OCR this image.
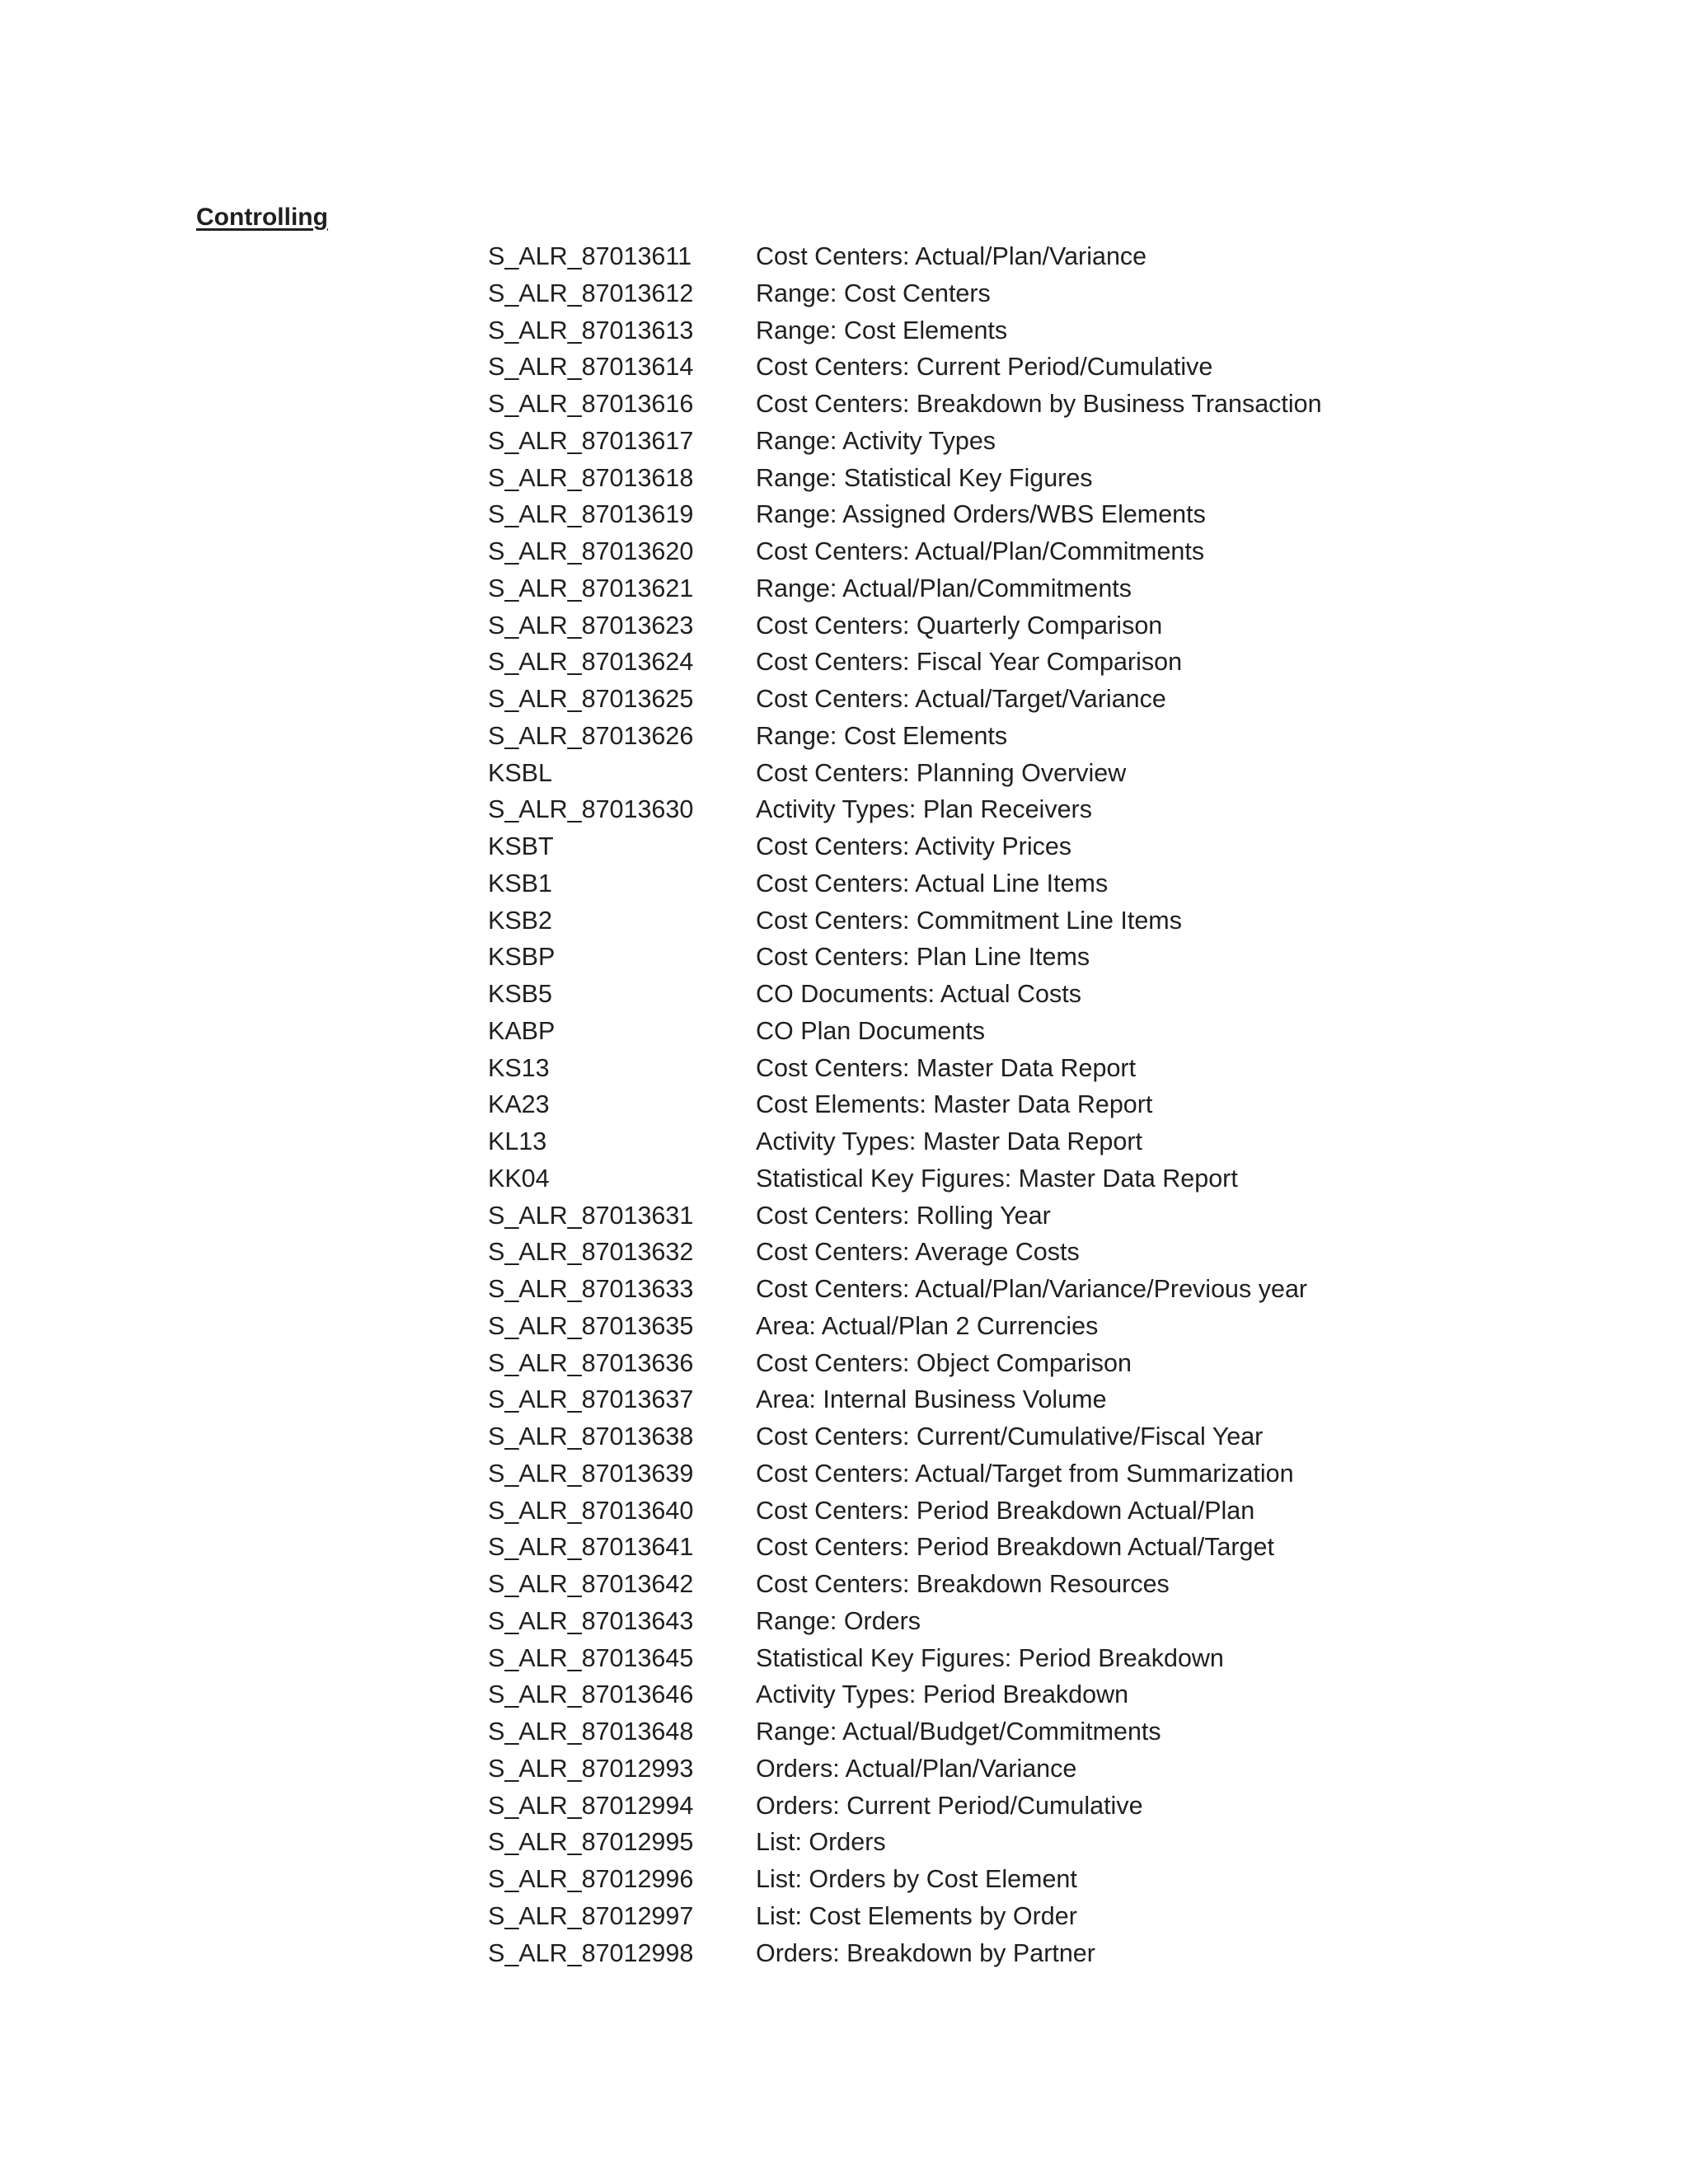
Controlling
S_ALR_87013611	Cost Centers: Actual/Plan/Variance
S_ALR_87013612	Range: Cost Centers
S_ALR_87013613	Range: Cost Elements
S_ALR_87013614	Cost Centers: Current Period/Cumulative
S_ALR_87013616	Cost Centers: Breakdown by Business Transaction
S_ALR_87013617	Range: Activity Types
S_ALR_87013618	Range: Statistical Key Figures
S_ALR_87013619	Range: Assigned Orders/WBS Elements
S_ALR_87013620	Cost Centers: Actual/Plan/Commitments
S_ALR_87013621	Range: Actual/Plan/Commitments
S_ALR_87013623	Cost Centers: Quarterly Comparison
S_ALR_87013624	Cost Centers: Fiscal Year Comparison
S_ALR_87013625	Cost Centers: Actual/Target/Variance
S_ALR_87013626	Range: Cost Elements
KSBL	Cost Centers: Planning Overview
S_ALR_87013630	Activity Types: Plan Receivers
KSBT	Cost Centers: Activity Prices
KSB1	Cost Centers: Actual Line Items
KSB2	Cost Centers: Commitment Line Items
KSBP	Cost Centers: Plan Line Items
KSB5	CO Documents: Actual Costs
KABP	CO Plan Documents
KS13	Cost Centers: Master Data Report
KA23	Cost Elements: Master Data Report
KL13	Activity Types: Master Data Report
KK04	Statistical Key Figures: Master Data Report
S_ALR_87013631	Cost Centers: Rolling Year
S_ALR_87013632	Cost Centers: Average Costs
S_ALR_87013633	Cost Centers: Actual/Plan/Variance/Previous year
S_ALR_87013635	Area: Actual/Plan 2 Currencies
S_ALR_87013636	Cost Centers: Object Comparison
S_ALR_87013637	Area: Internal Business Volume
S_ALR_87013638	Cost Centers: Current/Cumulative/Fiscal Year
S_ALR_87013639	Cost Centers: Actual/Target from Summarization
S_ALR_87013640	Cost Centers: Period Breakdown Actual/Plan
S_ALR_87013641	Cost Centers: Period Breakdown Actual/Target
S_ALR_87013642	Cost Centers: Breakdown Resources
S_ALR_87013643	Range: Orders
S_ALR_87013645	Statistical Key Figures: Period Breakdown
S_ALR_87013646	Activity Types: Period Breakdown
S_ALR_87013648	Range: Actual/Budget/Commitments
S_ALR_87012993	Orders: Actual/Plan/Variance
S_ALR_87012994	Orders: Current Period/Cumulative
S_ALR_87012995	List: Orders
S_ALR_87012996	List: Orders by Cost Element
S_ALR_87012997	List: Cost Elements by Order
S_ALR_87012998	Orders: Breakdown by Partner
